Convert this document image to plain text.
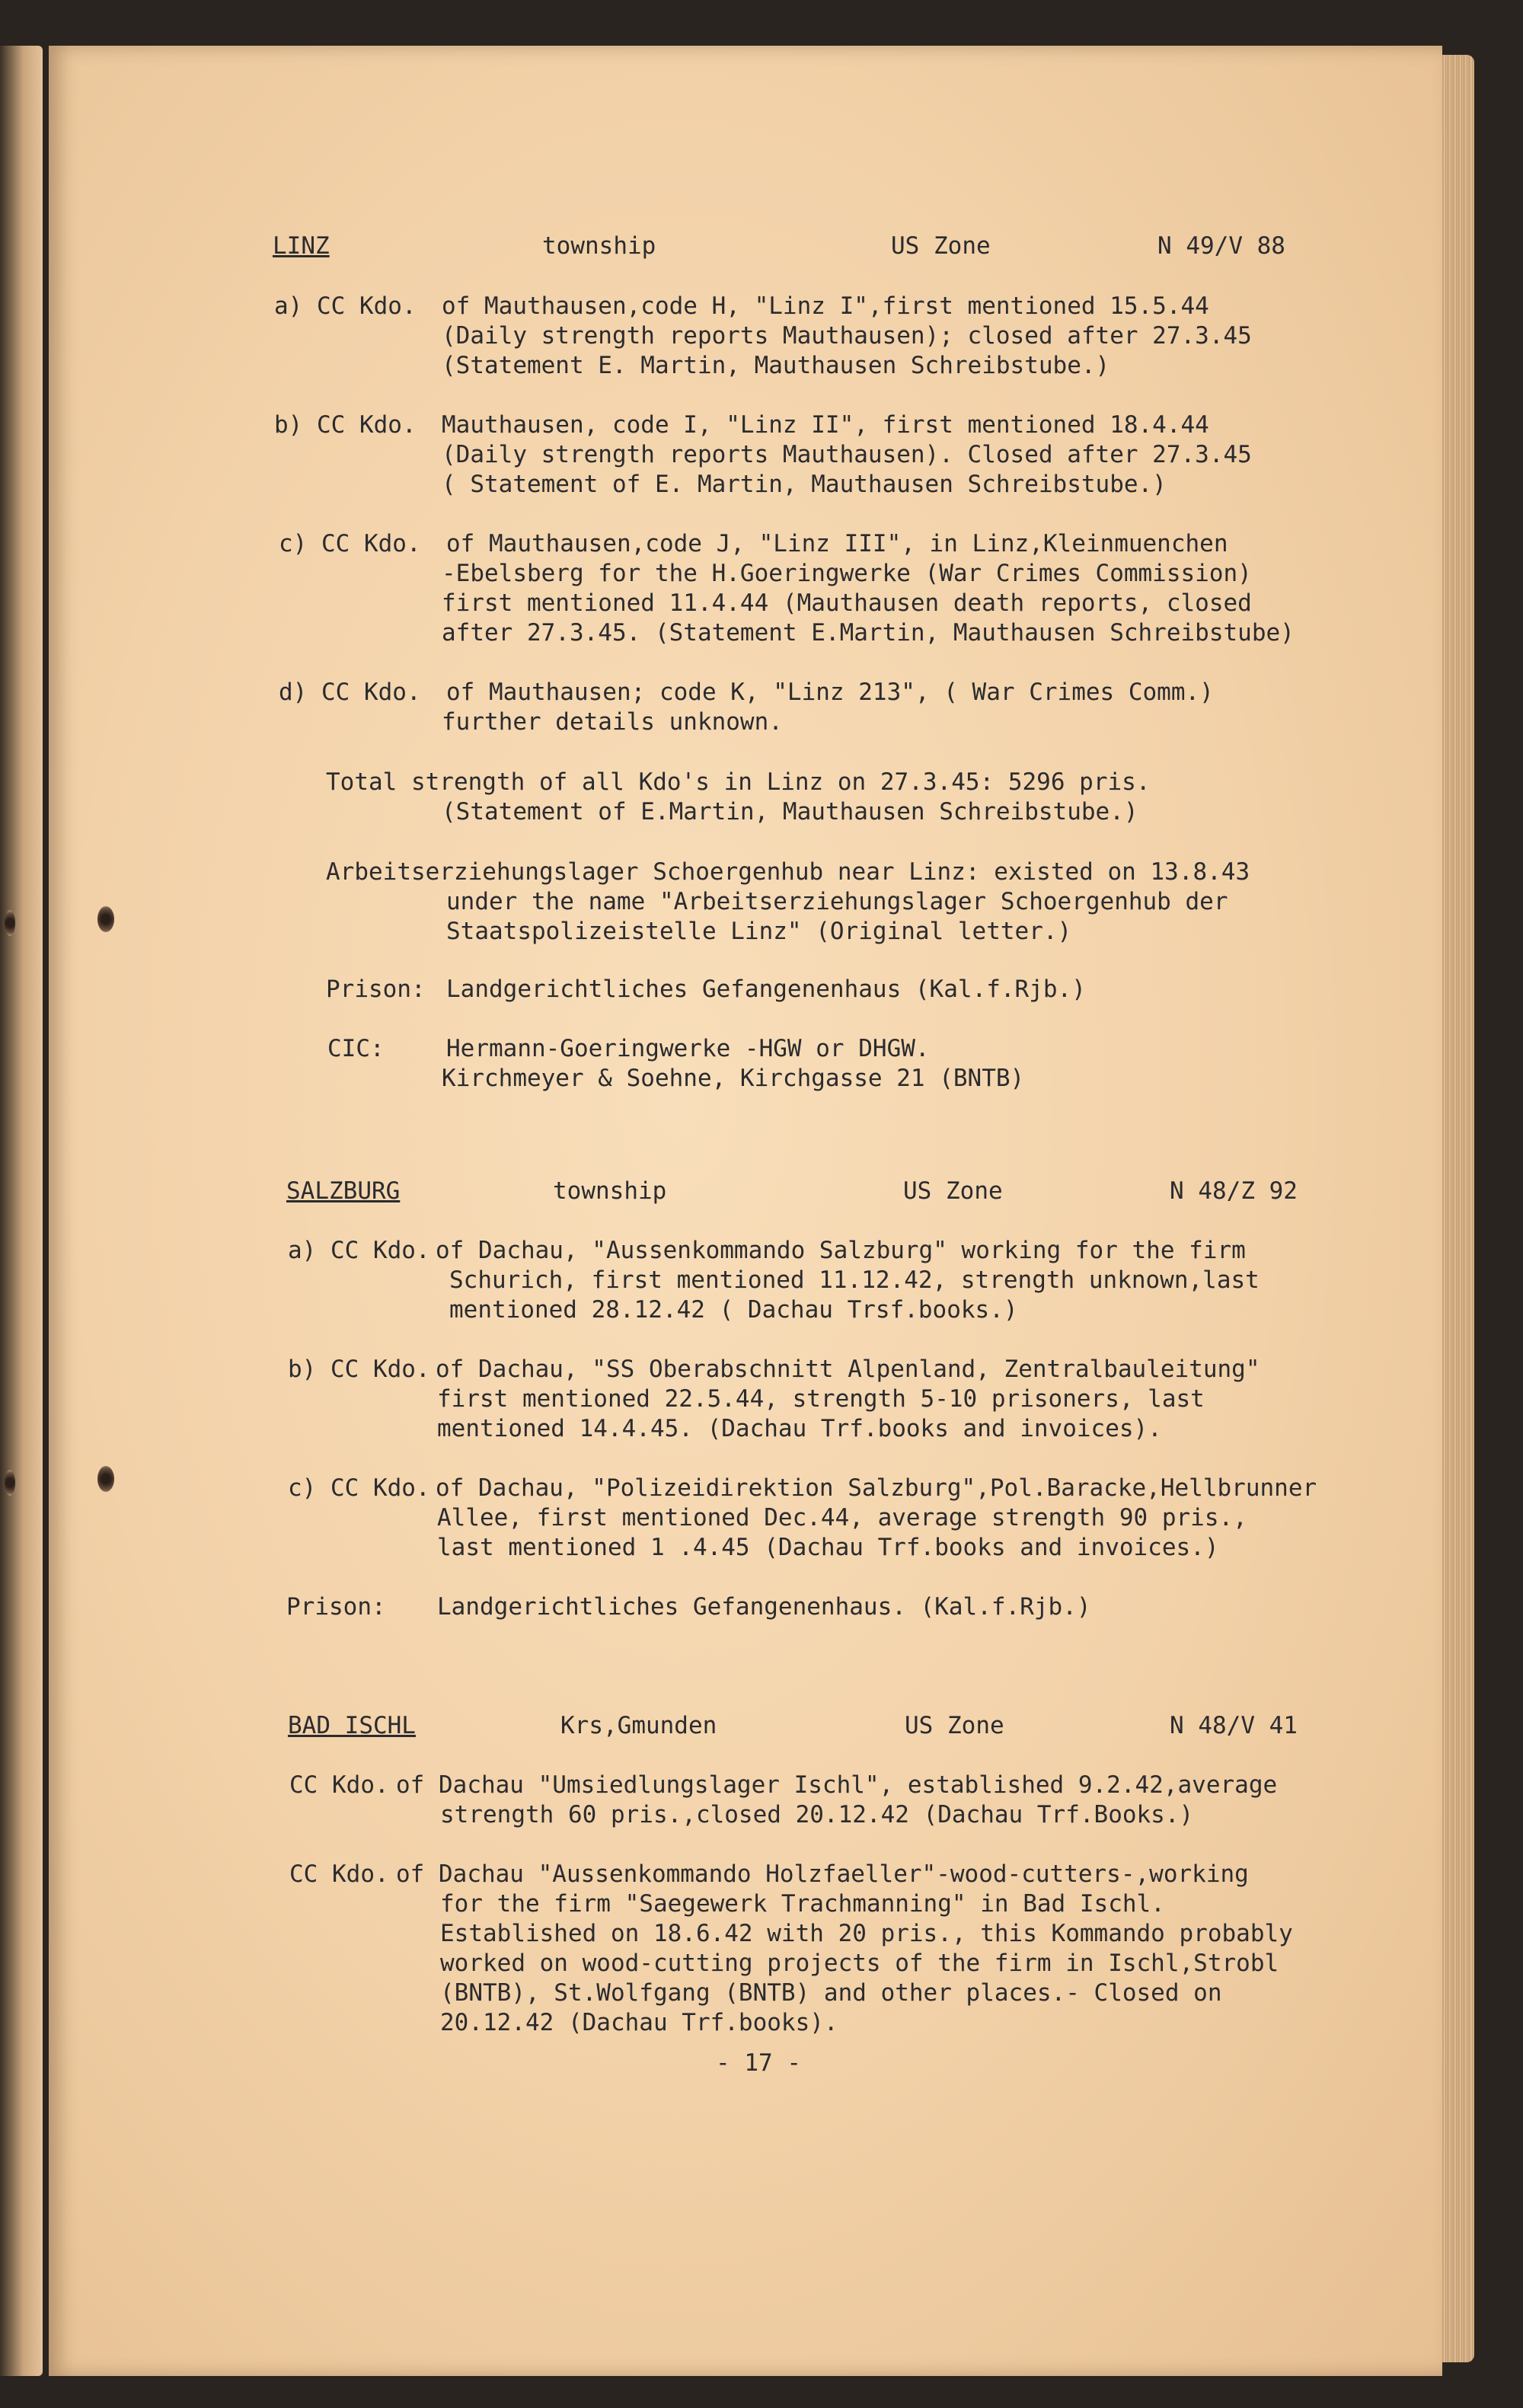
LINZ	township	US Zone	N 49/V 88
a) CC Kdo. of Mauthausen,code H, "Linz I",first mentioned 15.5.44
(Daily strength reports Mauthausen); closed after 27.3.45
(Statement E. Martin, Mauthausen Schreibstube.)
b) CC Kdo. Mauthausen, code I, "Linz II", first mentioned 18.4.44
(Daily strength reports Mauthausen). Closed after 27.3.45
( Statement of E. Martin, Mauthausen Schreibstube.)
c) CC Kdo. of Mauthausen,code J, "Linz III", in Linz,Kleinmuenchen
-Ebelsberg for the H.Goeringwerke (War Crimes Commission)
first mentioned 11.4.44 (Mauthausen death reports, closed
after 27.3.45. (Statement E.Martin, Mauthausen Schreibstube)
d) CC Kdo. of Mauthausen; code K, "Linz 213", ( War Crimes Comm.)
further details unknown.
Total strength of all Kdo's in Linz on 27.3.45: 5296 pris.
(Statement of E.Martin, Mauthausen Schreibstube.)
Arbeitserziehungslager Schoergenhub near Linz: existed on 13.8.43
under the name "Arbeitserziehungslager Schoergenhub der
Staatspolizeistelle Linz" (Original letter.)
Prison: Landgerichtliches Gefangenenhaus (Kal.f.Rjb.)
CIC:	Hermann-Goeringwerke -HGW or DHGW.
Kirchmeyer & Soehne, Kirchgasse 21 (BNTB)
SALZBURG	township	US Zone	N 48/Z 92
a) CC Kdo. of Dachau, "Aussenkommando Salzburg" working for the firm
Schurich, first mentioned 11.12.42, strength unknown,last
mentioned 28.12.42 ( Dachau Trsf.books.)
b) CC Kdo. of Dachau, "SS Oberabschnitt Alpenland, Zentralbauleitung"
first mentioned 22.5.44, strength 5-10 prisoners, last
mentioned 14.4.45. (Dachau Trf.books and invoices).
c) CC Kdo. of Dachau, "Polizeidirektion Salzburg",Pol.Baracke,Hellbrunner
Allee, first mentioned Dec.44, average strength 90 pris.,
last mentioned 1 .4.45 (Dachau Trf.books and invoices.)
Prison: Landgerichtliches Gefangenenhaus. (Kal.f.Rjb.)
BAD ISCHL	Krs,Gmunden	US Zone	N 48/V 41
CC Kdo. of Dachau "Umsiedlungslager Ischl", established 9.2.42,average
strength 60 pris.,closed 20.12.42 (Dachau Trf.Books.)
CC Kdo. of Dachau "Aussenkommando Holzfaeller"-wood-cutters-,working
for the firm "Saegewerk Trachmanning" in Bad Ischl.
Established on 18.6.42 with 20 pris., this Kommando probably
worked on wood-cutting projects of the firm in Ischl,Strobl
(BNTB), St.Wolfgang (BNTB) and other places.- Closed on
20.12.42 (Dachau Trf.books).
- 17 -
